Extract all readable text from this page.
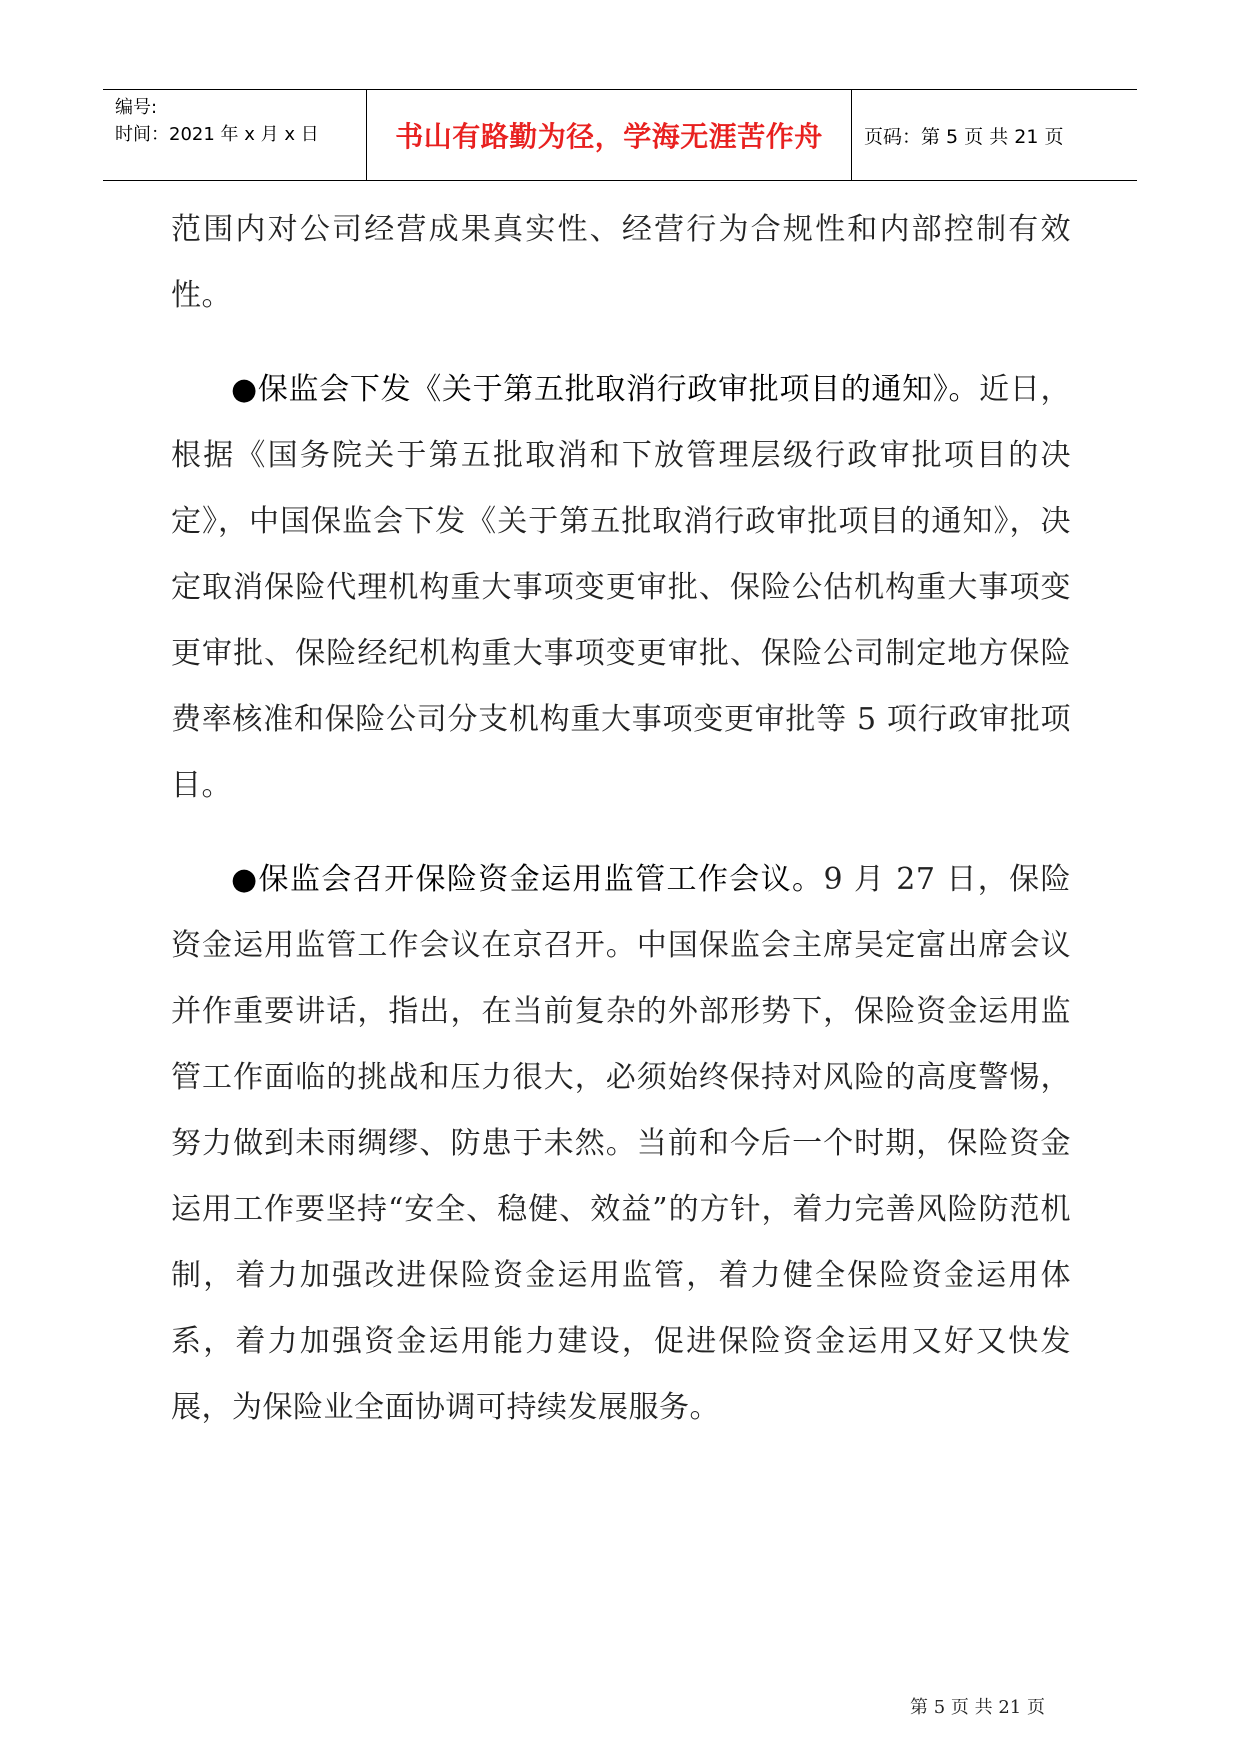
编号:
时间：2021 年 x 月 x 日	书山有路勤为径，学海无涯苦作舟 页码：第 5 页 共 21 页

范围内对公司经营成果真实性、经营行为合规性和内部控制有效性。

●保监会下发《关于第五批取消行政审批项目的通知》。近日，根据《国务院关于第五批取消和下放管理层级行政审批项目的决定》，中国保监会下发《关于第五批取消行政审批项目的通知》，决定取消保险代理机构重大事项变更审批、保险公估机构重大事项变更审批、保险经纪机构重大事项变更审批、保险公司制定地方保险费率核准和保险公司分支机构重大事项变更审批等 5 项行政审批项目。

●保监会召开保险资金运用监管工作会议。9 月 27 日，保险资金运用监管工作会议在京召开。中国保监会主席吴定富出席会议并作重要讲话，指出，在当前复杂的外部形势下，保险资金运用监管工作面临的挑战和压力很大，必须始终保持对风险的高度警惕，努力做到未雨绸缪、防患于未然。当前和今后一个时期，保险资金运用工作要坚持“安全、稳健、效益”的方针，着力完善风险防范机制，着力加强改进保险资金运用监管，着力健全保险资金运用体系，着力加强资金运用能力建设，促进保险资金运用又好又快发展，为保险业全面协调可持续发展服务。

第 5 页 共 21 页
